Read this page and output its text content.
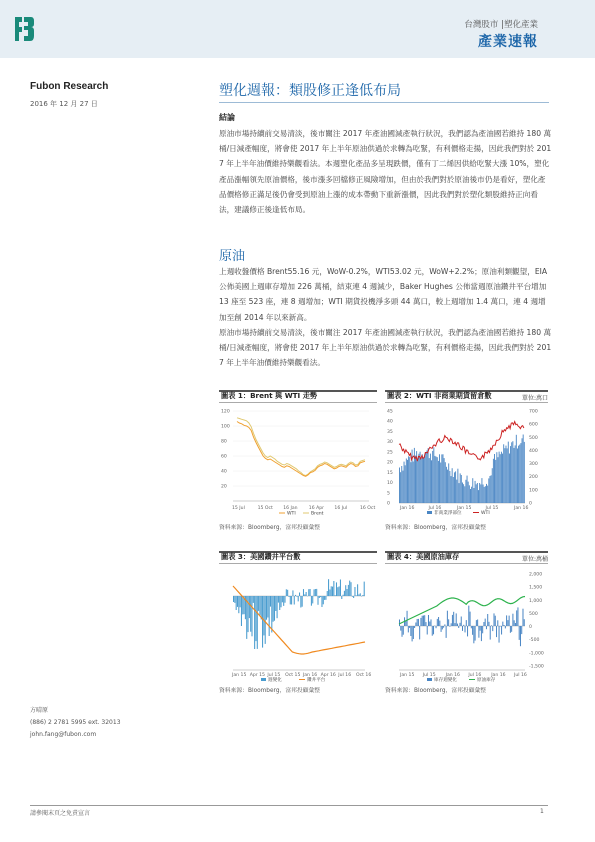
台灣股市 |塑化產業
產業速報
Fubon Research
2016 年 12 月 27 日
塑化週報：類股修正逢低布局
結論
原油市場持續前交易清淡，後市關注 2017 年產油國減產執行狀況，我們認為產油國若維持 180 萬桶/日減產幅度，將會使 2017 年上半年原油供過於求轉為吃緊，有利價格走揚，因此我們對於 2017 年上半年油價維持樂觀看法。本週塑化產品多呈現跌價，僅有丁二烯因供給吃緊大漲 10%，塑化產品漲幅領先原油價格，後市漲多回檔修正風險增加，但由於我們對於原油後市仍是看好，塑化產品價格修正滿足後仍會受到原油上漲的成本帶動下重新漲價，因此我們對於塑化類股維持正向看法，建議修正後逢低布局。
原油
上週收盤價格 Brent55.16 元，WoW-0.2%，WTI53.02 元，WoW+2.2%；原油利類觀望，EIA 公佈美國上週庫存增加 226 萬桶，結束連 4 週減少，Baker Hughes 公佈當週原油鑽井平台增加 13 座至 523 座，連 8 週增加；WTI 期貨投機淨多頭 44 萬口，較上週增加 1.4 萬口，連 4 週增加至創 2014 年以來新高。
原油市場持續前交易清淡，後市關注 2017 年產油國減產執行狀況，我們認為產油國若維持 180 萬桶/日減產幅度，將會使 2017 年上半年原油供過於求轉為吃緊，有利價格走揚，因此我們對於 2017 年上半年油價維持樂觀看法。
圖表 1：Brent 與 WTI 走勢
120
100
80
60
40
20
15 Jul	15 Oct 16 Jan 16 Apr 16 Jul	16 Oct
WTI	Brent
資料來源：Bloomberg，富邦投顧彙整
圖表 2：WTI 非商業期貨留倉數	單位:萬口
45
40
35
30
25
20
15
10
5
0
700
600
500
400
300
200
100
0
Jan 16	Jul 16	Jan 15	Jul 15	Jan 16
非商業淨部位	WTI
資料來源：Bloomberg，富邦投顧彙整
圖表 3：美國鑽井平台數
Jan 15 Apr 15 Jul 15 Oct 15 Jan 16 Apr 16 Jul 16 Oct 16
週變化	鑽井平台
資料來源：Bloomberg，富邦投顧彙整
圖表 4：美國原油庫存	單位:萬桶
2,000
1,500
1,000
500
0
-500
-1,000
-1,500
Jan 15 Jul 15 Jan 16 Jul 16 Jan 16 Jul 16
庫存週變化	原油庫存
資料來源：Bloomberg，富邦投顧彙整
方晴原
(886) 2 2781 5995 ext. 32013
john.fang@fubon.com
請參閱末頁之免責宣言	1
